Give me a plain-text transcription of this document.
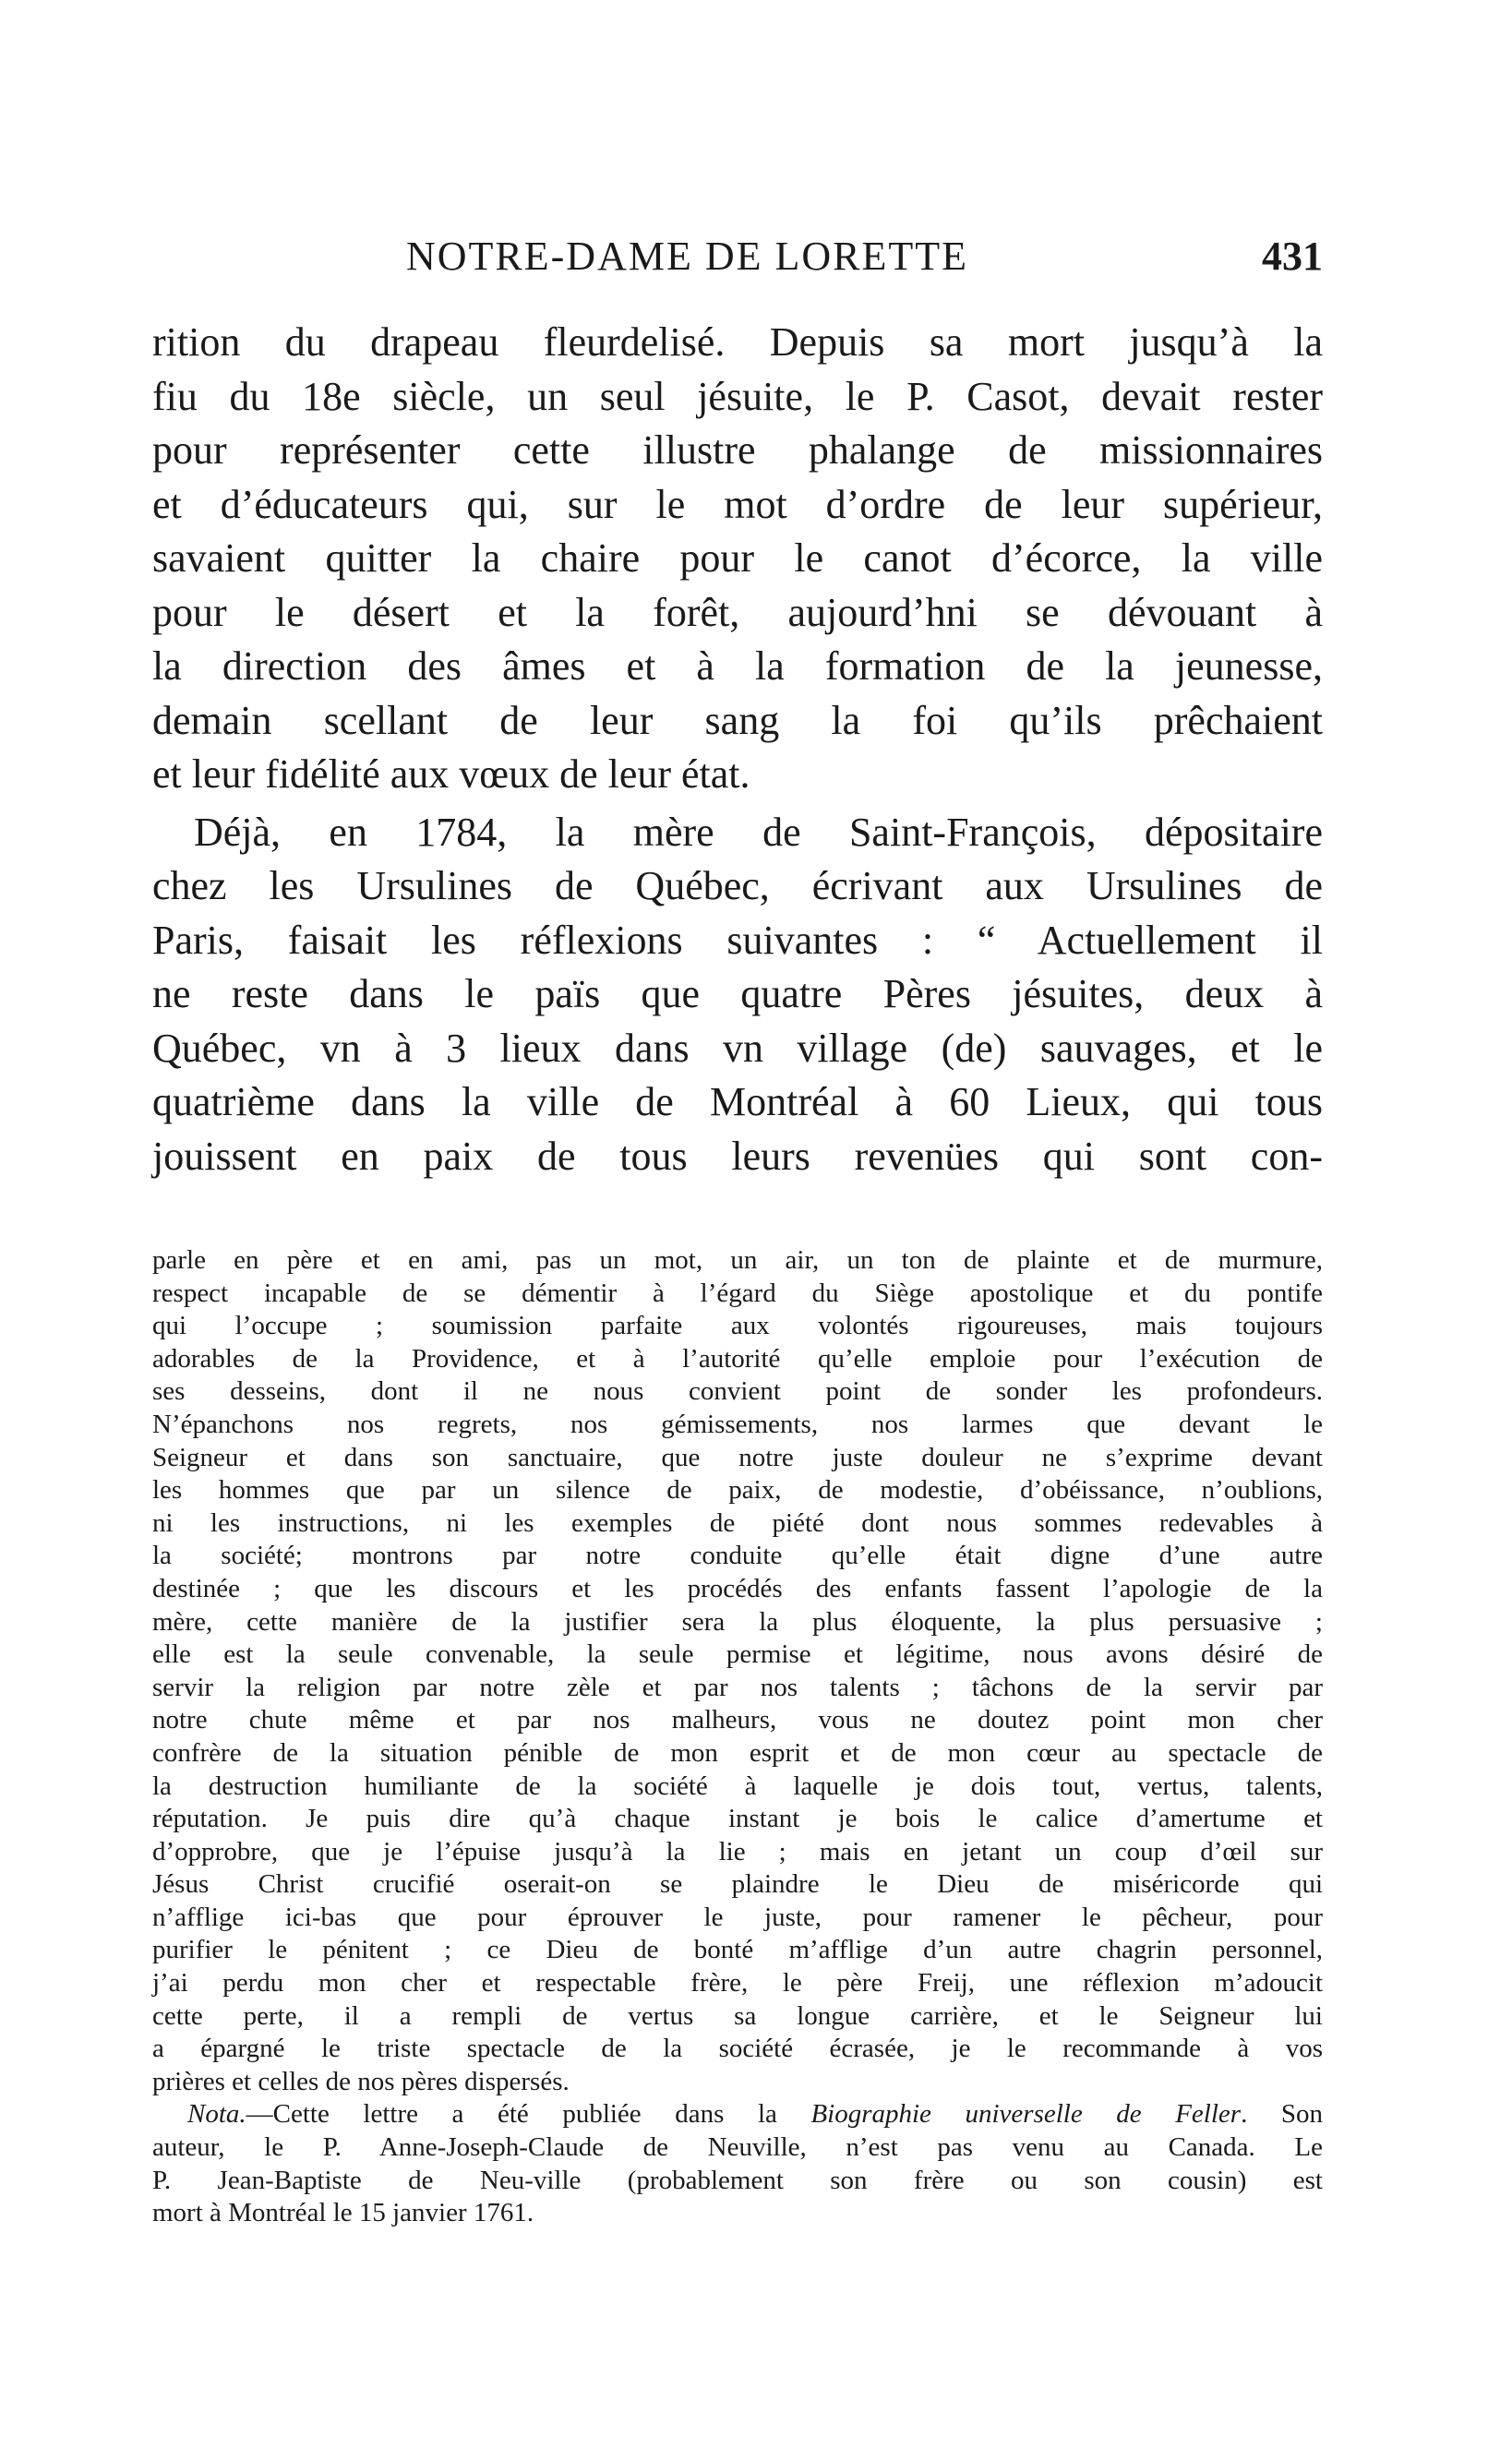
NOTRE-DAME DE LORETTE	431
rition du drapeau fleurdelisé. Depuis sa mort jusqu’à la
fiu du 18e siècle, un seul jésuite, le P. Casot, devait rester
pour représenter cette illustre phalange de missionnaires
et d’éducateurs qui, sur le mot d’ordre de leur supérieur,
savaient quitter la chaire pour le canot d’écorce, la ville
pour le désert et la forêt, aujourd’hni se dévouant à
la direction des âmes et à la formation de la jeunesse,
demain scellant de leur sang la foi qu’ils prêchaient
et leur fidélité aux vœux de leur état.
Déjà, en 1784, la mère de Saint-François, dépositaire
chez les Ursulines de Québec, écrivant aux Ursulines de
Paris, faisait les réflexions suivantes : “ Actuellement il
ne reste dans le païs que quatre Pères jésuites, deux à
Québec, vn à 3 lieux dans vn village (de) sauvages, et le
quatrième dans la ville de Montréal à 60 Lieux, qui tous
jouissent en paix de tous leurs revenües qui sont con-
parle en père et en ami, pas un mot, un air, un ton de plainte et de murmure,
respect incapable de se démentir à l’égard du Siège apostolique et du pontife
qui l’occupe ; soumission parfaite aux volontés rigoureuses, mais toujours
adorables de la Providence, et à l’autorité qu’elle emploie pour l’exécution de
ses desseins, dont il ne nous convient point de sonder les profondeurs.
N’épanchons nos regrets, nos gémissements, nos larmes que devant le
Seigneur et dans son sanctuaire, que notre juste douleur ne s’exprime devant
les hommes que par un silence de paix, de modestie, d’obéissance, n’oublions,
ni les instructions, ni les exemples de piété dont nous sommes redevables à
la société; montrons par notre conduite qu’elle était digne d’une autre
destinée ; que les discours et les procédés des enfants fassent l’apologie de la
mère, cette manière de la justifier sera la plus éloquente, la plus persuasive ;
elle est la seule convenable, la seule permise et légitime, nous avons désiré de
servir la religion par notre zèle et par nos talents ; tâchons de la servir par
notre chute même et par nos malheurs, vous ne doutez point mon cher
confrère de la situation pénible de mon esprit et de mon cœur au spectacle de
la destruction humiliante de la société à laquelle je dois tout, vertus, talents,
réputation. Je puis dire qu’à chaque instant je bois le calice d’amertume et
d’opprobre, que je l’épuise jusqu’à la lie ; mais en jetant un coup d’œil sur
Jésus Christ crucifié oserait-on se plaindre le Dieu de miséricorde qui
n’afflige ici-bas que pour éprouver le juste, pour ramener le pêcheur, pour
purifier le pénitent ; ce Dieu de bonté m’afflige d’un autre chagrin personnel,
j’ai perdu mon cher et respectable frère, le père Freij, une réflexion m’adoucit
cette perte, il a rempli de vertus sa longue carrière, et le Seigneur lui
a épargné le triste spectacle de la société écrasée, je le recommande à vos
prières et celles de nos pères dispersés.
Nota.—Cette lettre a été publiée dans la Biographie universelle de Feller. Son
auteur, le P. Anne-Joseph-Claude de Neuville, n’est pas venu au Canada. Le
P. Jean-Baptiste de Neu-ville (probablement son frère ou son cousin) est
mort à Montréal le 15 janvier 1761.
